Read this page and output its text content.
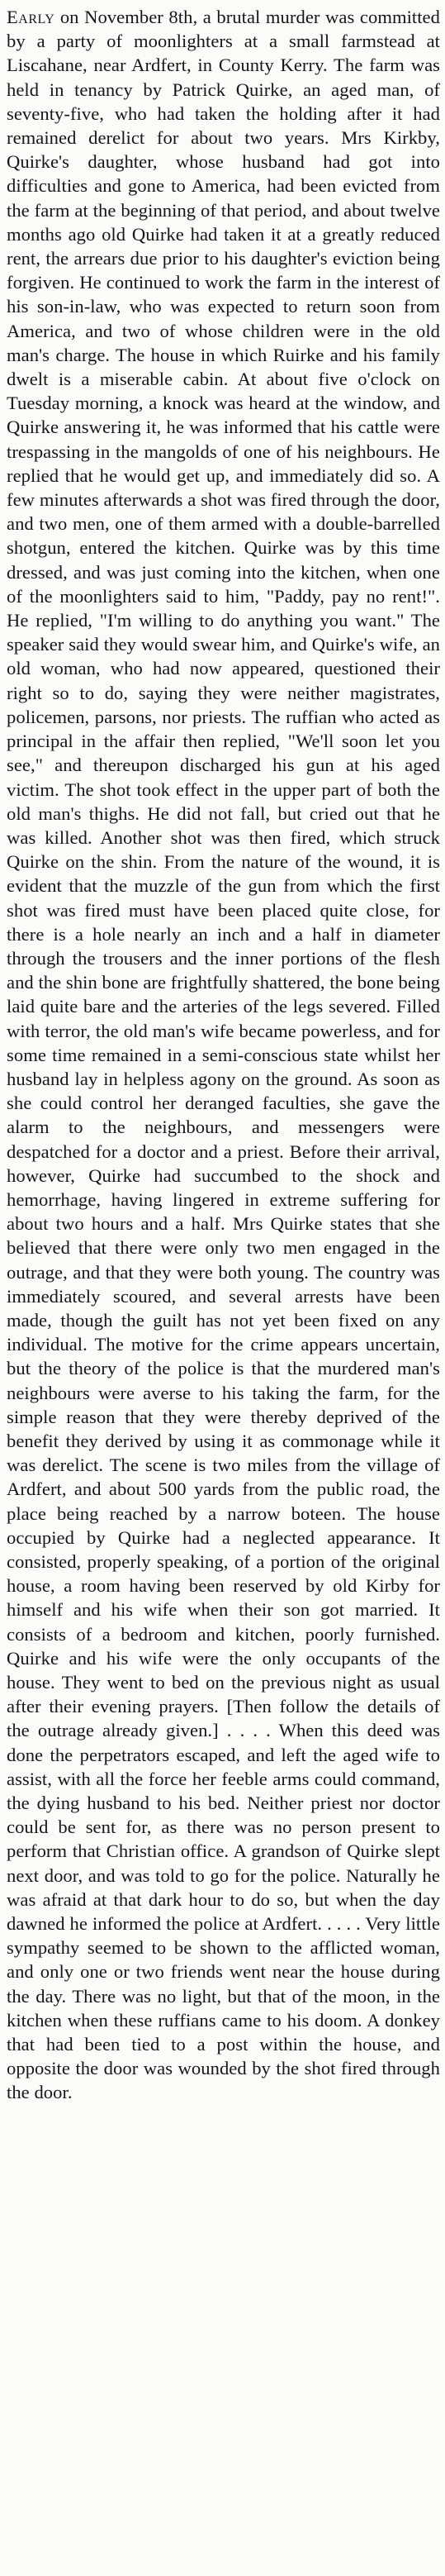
Early on November 8th, a brutal murder was committed by a party of moonlighters at a small farmstead at Liscahane, near Ardfert, in County Kerry. The farm was held in tenancy by Patrick Quirke, an aged man, of seventy-five, who had taken the holding after it had remained derelict for about two years. Mrs Kirkby, Quirke's daughter, whose husband had got into difficulties and gone to America, had been evicted from the farm at the beginning of that period, and about twelve months ago old Quirke had taken it at a greatly reduced rent, the arrears due prior to his daughter's eviction being forgiven. He continued to work the farm in the interest of his son-in-law, who was expected to return soon from America, and two of whose children were in the old man's charge. The house in which Ruirke and his family dwelt is a miserable cabin. At about five o'clock on Tuesday morning, a knock was heard at the window, and Quirke answering it, he was informed that his cattle were trespassing in the mangolds of one of his neighbours. He replied that he would get up, and immediately did so. A few minutes afterwards a shot was fired through the door, and two men, one of them armed with a double-barrelled shotgun, entered the kitchen. Quirke was by this time dressed, and was just coming into the kitchen, when one of the moonlighters said to him, "Paddy, pay no rent!". He replied, "I'm willing to do anything you want." The speaker said they would swear him, and Quirke's wife, an old woman, who had now appeared, questioned their right so to do, saying they were neither magistrates, policemen, parsons, nor priests. The ruffian who acted as principal in the affair then replied, "We'll soon let you see," and thereupon discharged his gun at his aged victim. The shot took effect in the upper part of both the old man's thighs. He did not fall, but cried out that he was killed. Another shot was then fired, which struck Quirke on the shin. From the nature of the wound, it is evident that the muzzle of the gun from which the first shot was fired must have been placed quite close, for there is a hole nearly an inch and a half in diameter through the trousers and the inner portions of the flesh and the shin bone are frightfully shattered, the bone being laid quite bare and the arteries of the legs severed. Filled with terror, the old man's wife became powerless, and for some time remained in a semi-conscious state whilst her husband lay in helpless agony on the ground. As soon as she could control her deranged faculties, she gave the alarm to the neighbours, and messengers were despatched for a doctor and a priest. Before their arrival, however, Quirke had succumbed to the shock and hemorrhage, having lingered in extreme suffering for about two hours and a half. Mrs Quirke states that she believed that there were only two men engaged in the outrage, and that they were both young. The country was immediately scoured, and several arrests have been made, though the guilt has not yet been fixed on any individual. The motive for the crime appears uncertain, but the theory of the police is that the murdered man's neighbours were averse to his taking the farm, for the simple reason that they were thereby deprived of the benefit they derived by using it as commonage while it was derelict. The scene is two miles from the village of Ardfert, and about 500 yards from the public road, the place being reached by a narrow boteen. The house occupied by Quirke had a neglected appearance. It consisted, properly speaking, of a portion of the original house, a room having been reserved by old Kirby for himself and his wife when their son got married. It consists of a bedroom and kitchen, poorly furnished. Quirke and his wife were the only occupants of the house. They went to bed on the previous night as usual after their evening prayers. [Then follow the details of the outrage already given.] . . . . When this deed was done the perpetrators escaped, and left the aged wife to assist, with all the force her feeble arms could command, the dying husband to his bed. Neither priest nor doctor could be sent for, as there was no person present to perform that Christian office. A grandson of Quirke slept next door, and was told to go for the police. Naturally he was afraid at that dark hour to do so, but when the day dawned he informed the police at Ardfert. . . . . Very little sympathy seemed to be shown to the afflicted woman, and only one or two friends went near the house during the day. There was no light, but that of the moon, in the kitchen when these ruffians came to his doom. A donkey that had been tied to a post within the house, and opposite the door was wounded by the shot fired through the door.
